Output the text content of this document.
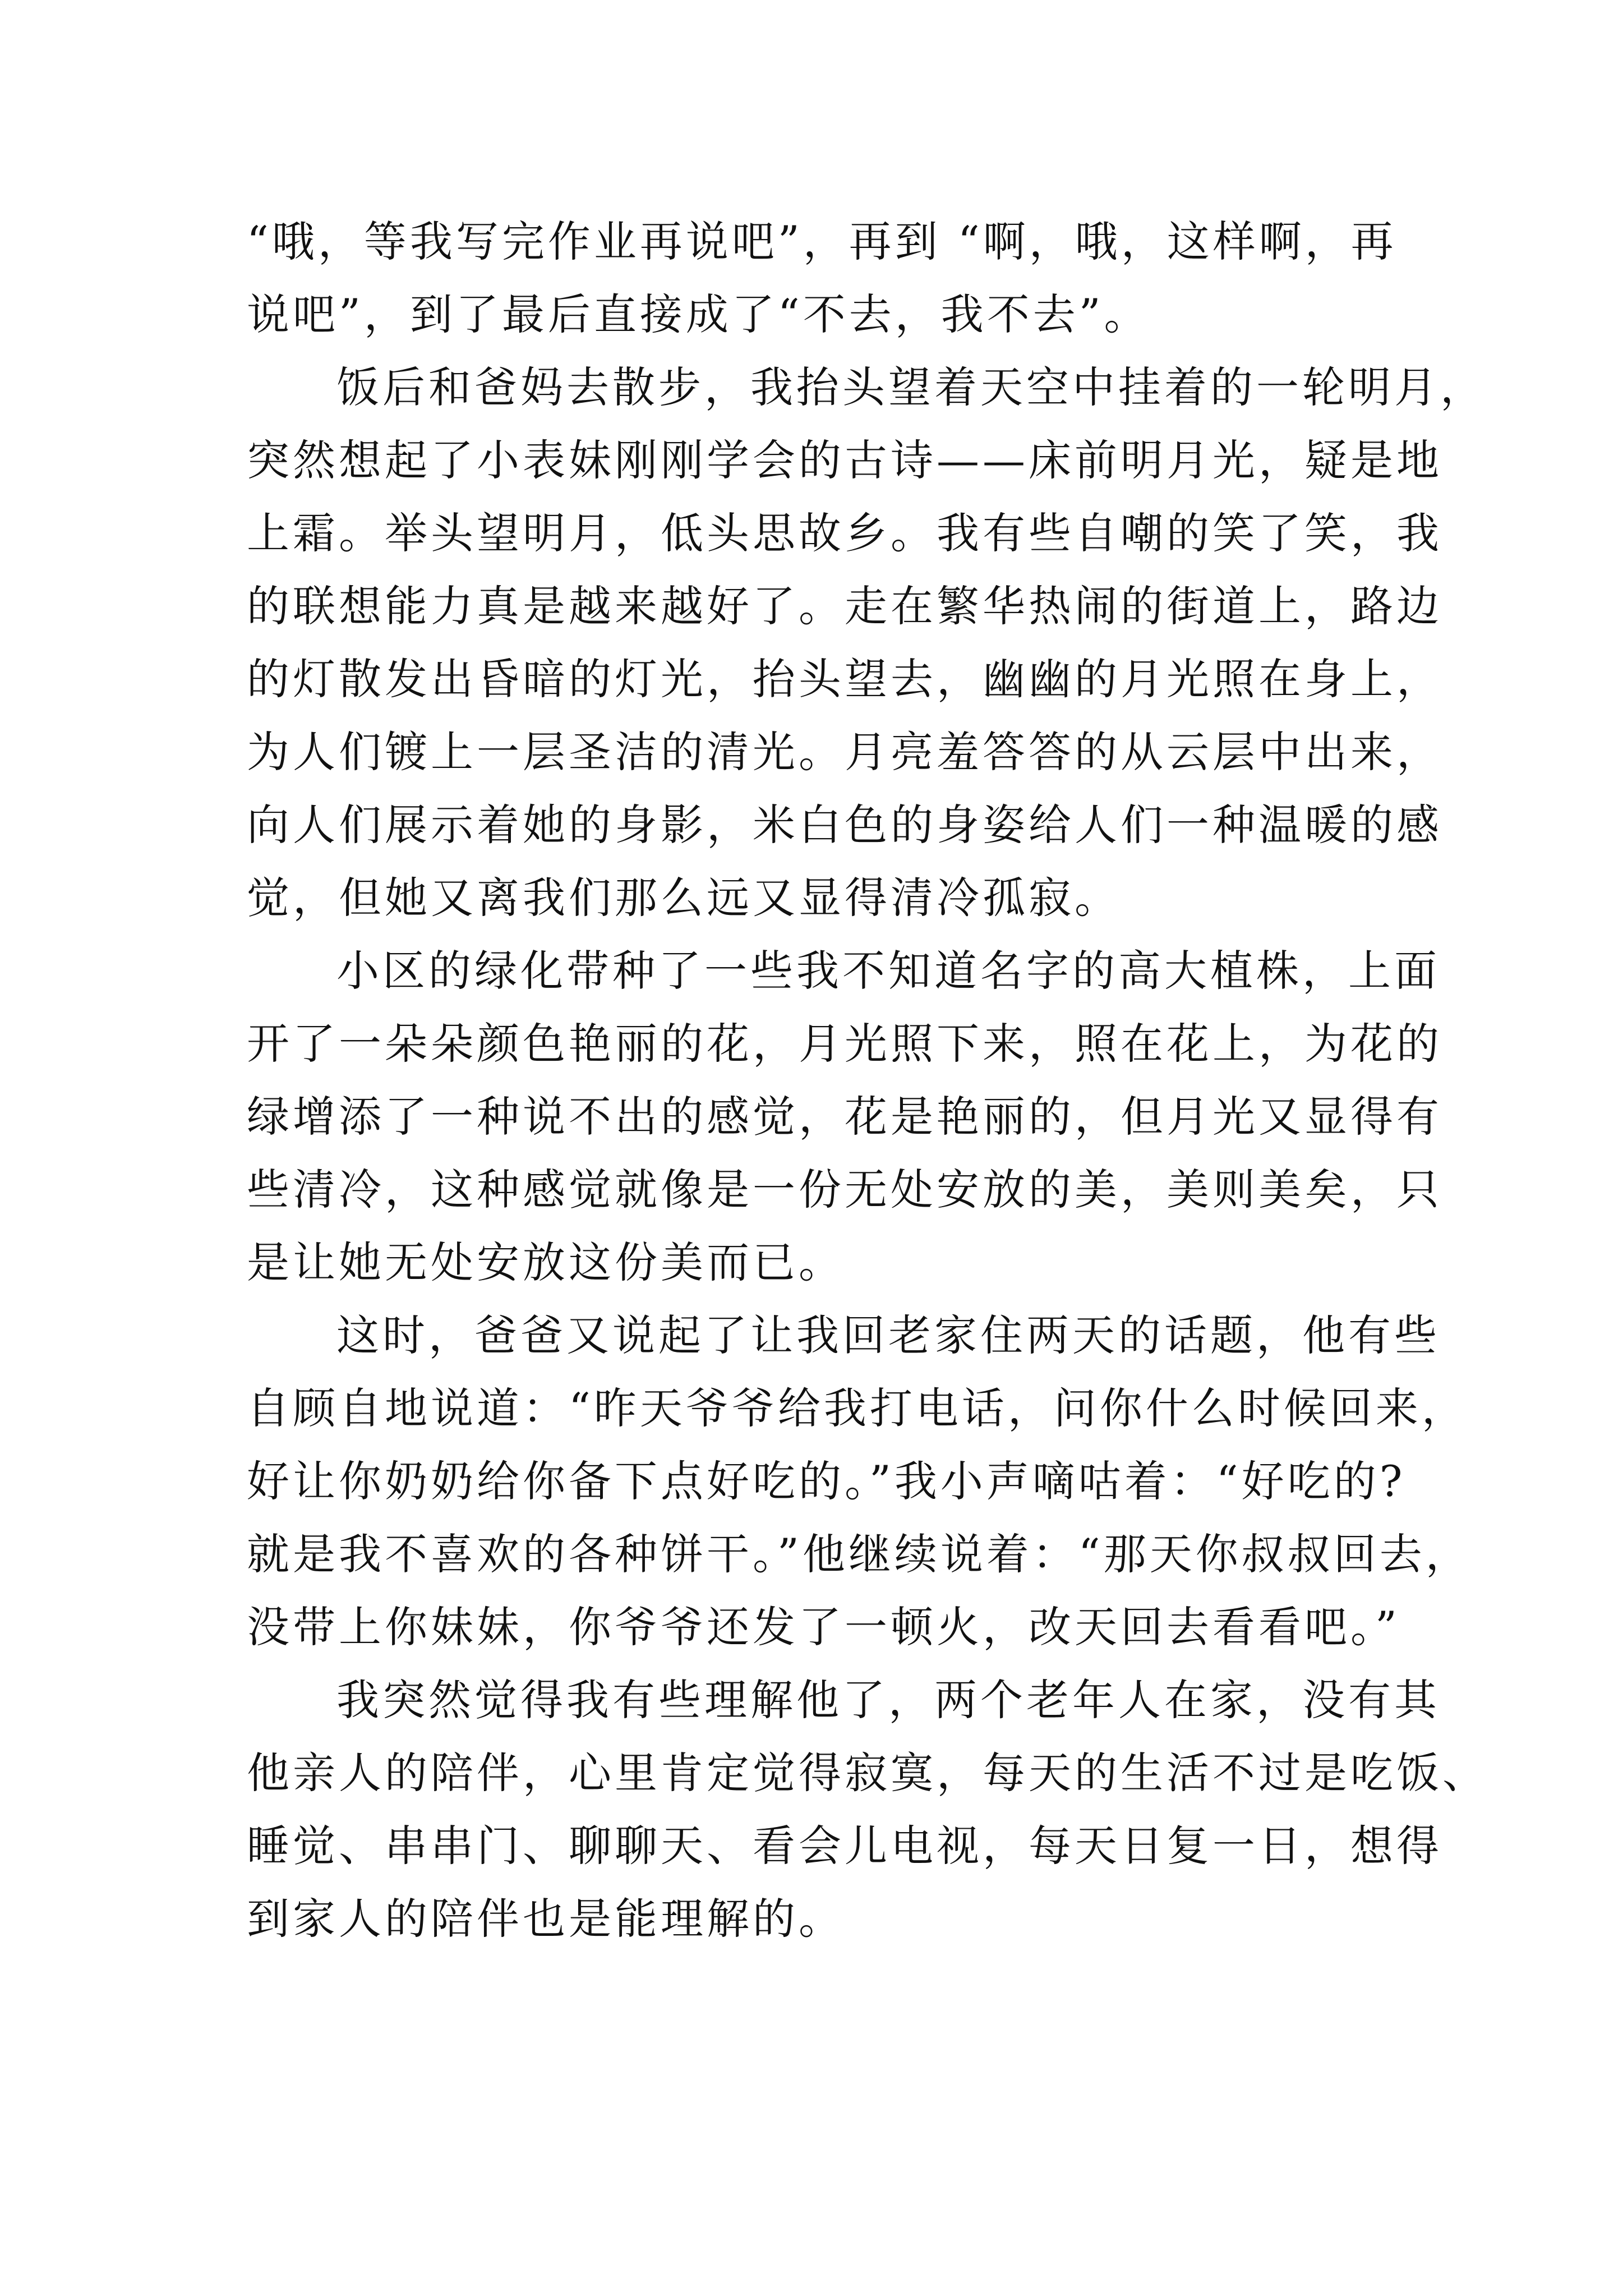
“哦，等我写完作业再说吧”，再到 “啊，哦，这样啊，再
说吧”，到了最后直接成了“不去，我不去”。
饭后和爸妈去散步，我抬头望着天空中挂着的一轮明月，
突然想起了小表妹刚刚学会的古诗——床前明月光，疑是地
上霜。举头望明月，低头思故乡。我有些自嘲的笑了笑，我
的联想能力真是越来越好了。走在繁华热闹的街道上，路边
的灯散发出昏暗的灯光，抬头望去，幽幽的月光照在身上，
为人们镀上一层圣洁的清光。月亮羞答答的从云层中出来，
向人们展示着她的身影，米白色的身姿给人们一种温暖的感
觉，但她又离我们那么远又显得清冷孤寂。
小区的绿化带种了一些我不知道名字的高大植株，上面
开了一朵朵颜色艳丽的花，月光照下来，照在花上，为花的
绿增添了一种说不出的感觉，花是艳丽的，但月光又显得有
些清冷，这种感觉就像是一份无处安放的美，美则美矣，只
是让她无处安放这份美而已。
这时，爸爸又说起了让我回老家住两天的话题，他有些
自顾自地说道：“昨天爷爷给我打电话，问你什么时候回来，
好让你奶奶给你备下点好吃的。”我小声嘀咕着：“好吃的?
就是我不喜欢的各种饼干。”他继续说着：“那天你叔叔回去，
没带上你妹妹，你爷爷还发了一顿火，改天回去看看吧。”
我突然觉得我有些理解他了，两个老年人在家，没有其
他亲人的陪伴，心里肯定觉得寂寞，每天的生活不过是吃饭、
睡觉、串串门、聊聊天、看会儿电视，每天日复一日，想得
到家人的陪伴也是能理解的。
